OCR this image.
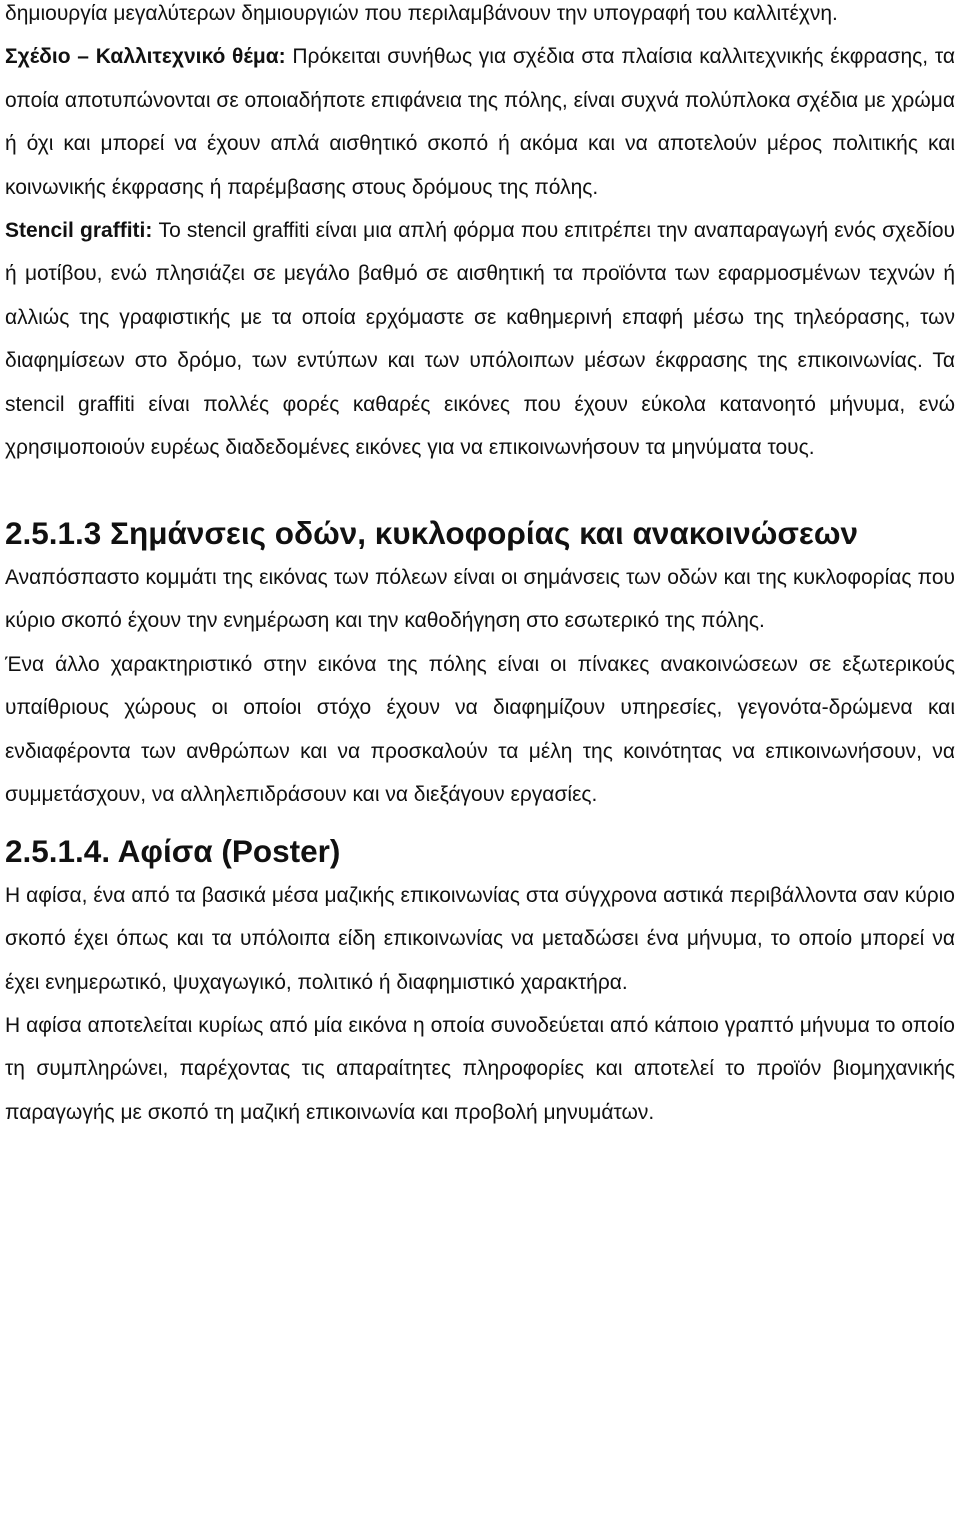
δημιουργία μεγαλύτερων δημιουργιών που περιλαμβάνουν την υπογραφή του καλλιτέχνη.

Σχέδιο – Καλλιτεχνικό θέμα: Πρόκειται συνήθως για σχέδια στα πλαίσια καλλιτεχνικής έκφρασης, τα οποία αποτυπώνονται σε οποιαδήποτε επιφάνεια της πόλης, είναι συχνά πολύπλοκα σχέδια με χρώμα ή όχι και μπορεί να έχουν απλά αισθητικό σκοπό ή ακόμα και να αποτελούν μέρος πολιτικής και κοινωνικής έκφρασης ή παρέμβασης στους δρόμους της πόλης.

Stencil graffiti: Το stencil graffiti είναι μια απλή φόρμα που επιτρέπει την αναπαραγωγή ενός σχεδίου ή μοτίβου, ενώ πλησιάζει σε μεγάλο βαθμό σε αισθητική τα προϊόντα των εφαρμοσμένων τεχνών ή αλλιώς της γραφιστικής με τα οποία ερχόμαστε σε καθημερινή επαφή μέσω της τηλεόρασης, των διαφημίσεων στο δρόμο, των εντύπων και των υπόλοιπων μέσων έκφρασης της επικοινωνίας. Τα stencil graffiti είναι πολλές φορές καθαρές εικόνες που έχουν εύκολα κατανοητό μήνυμα, ενώ χρησιμοποιούν ευρέως διαδεδομένες εικόνες για να επικοινωνήσουν τα μηνύματα τους.

2.5.1.3 Σημάνσεις οδών, κυκλοφορίας και ανακοινώσεων

Αναπόσπαστο κομμάτι της εικόνας των πόλεων είναι οι σημάνσεις των οδών και της κυκλοφορίας που κύριο σκοπό έχουν την ενημέρωση και την καθοδήγηση στο εσωτερικό της πόλης.

Ένα άλλο χαρακτηριστικό στην εικόνα της πόλης είναι οι πίνακες ανακοινώσεων σε εξωτερικούς υπαίθριους χώρους οι οποίοι στόχο έχουν να διαφημίζουν υπηρεσίες, γεγονότα-δρώμενα και ενδιαφέροντα των ανθρώπων και να προσκαλούν τα μέλη της κοινότητας να επικοινωνήσουν, να συμμετάσχουν, να αλληλεπιδράσουν και να διεξάγουν εργασίες.

2.5.1.4. Αφίσα (Poster)

Η αφίσα, ένα από τα βασικά μέσα μαζικής επικοινωνίας στα σύγχρονα αστικά περιβάλλοντα σαν κύριο σκοπό έχει όπως και τα υπόλοιπα είδη επικοινωνίας να μεταδώσει ένα μήνυμα, το οποίο μπορεί να έχει ενημερωτικό, ψυχαγωγικό, πολιτικό ή διαφημιστικό χαρακτήρα.

Η αφίσα αποτελείται κυρίως από μία εικόνα η οποία συνοδεύεται από κάποιο γραπτό μήνυμα το οποίο τη συμπληρώνει, παρέχοντας τις απαραίτητες πληροφορίες και αποτελεί το προϊόν βιομηχανικής παραγωγής με σκοπό τη μαζική επικοινωνία και προβολή μηνυμάτων.
